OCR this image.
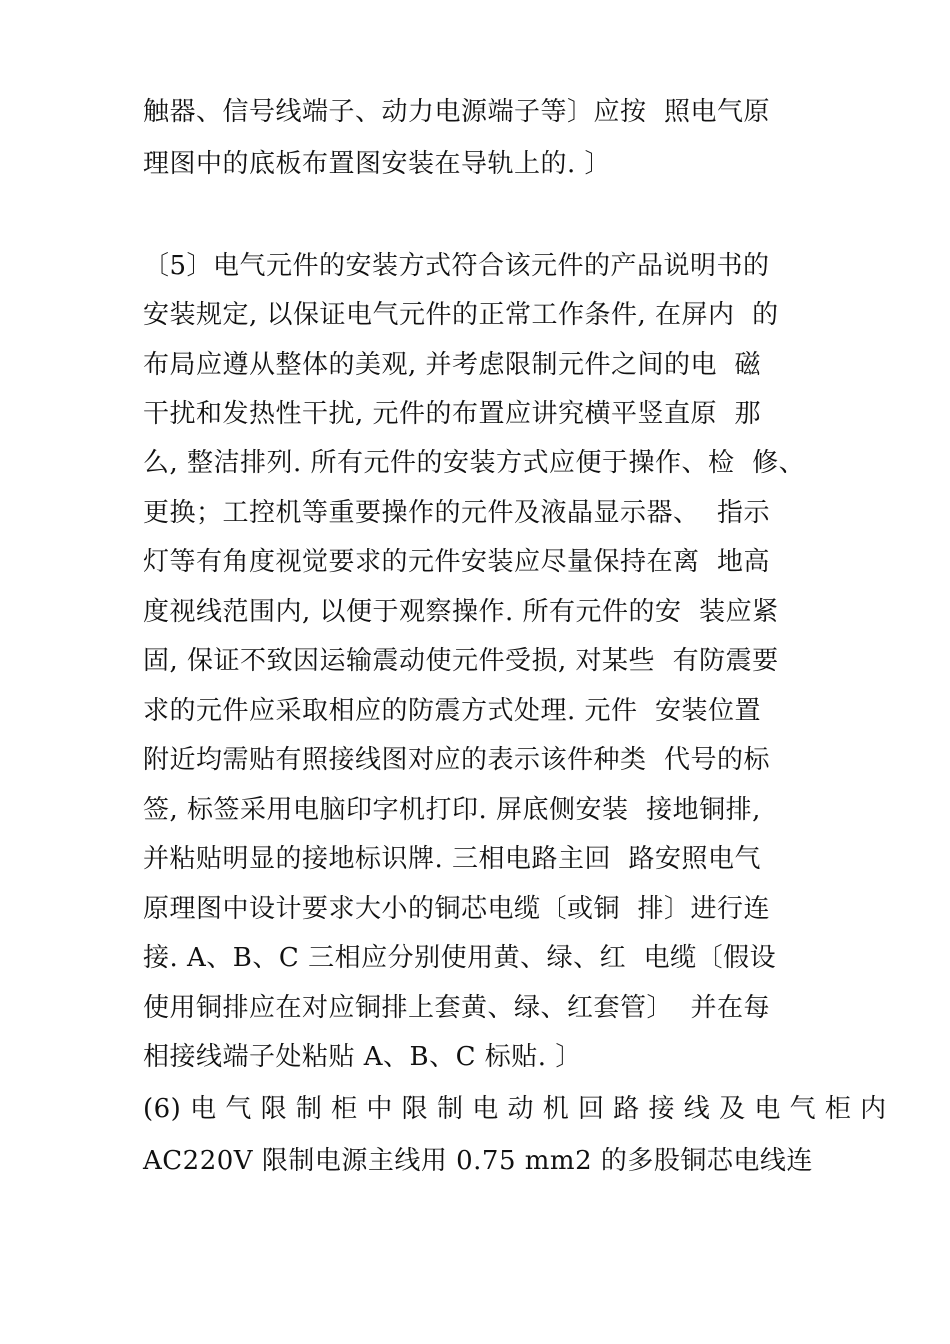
触器、信号线端子、动力电源端子等〕应按  照电气原
理图中的底板布置图安装在导轨上的. 〕
〔5〕电气元件的安装方式符合该元件的产品说明书的
安装规定, 以保证电气元件的正常工作条件, 在屏内  的
布局应遵从整体的美观, 并考虑限制元件之间的电  磁
干扰和发热性干扰, 元件的布置应讲究横平竖直原  那
么, 整洁排列. 所有元件的安装方式应便于操作、检  修、
更换；工控机等重要操作的元件及液晶显示器、  指示
灯等有角度视觉要求的元件安装应尽量保持在离  地高
度视线范围内, 以便于观察操作. 所有元件的安  装应紧
固, 保证不致因运输震动使元件受损, 对某些  有防震要
求的元件应采取相应的防震方式处理. 元件  安装位置
附近均需贴有照接线图对应的表示该件种类  代号的标
签, 标签采用电脑印字机打印. 屏底侧安装  接地铜排,
并粘贴明显的接地标识牌. 三相电路主回  路安照电气
原理图中设计要求大小的铜芯电缆〔或铜  排〕进行连
接. A、B、C 三相应分别使用黄、绿、红  电缆〔假设
使用铜排应在对应铜排上套黄、绿、红套管〕  并在每
相接线端子处粘贴 A、B、C 标贴. 〕
(6) 电 气 限 制 柜 中 限 制 电 动 机 回 路 接 线 及 电 气 柜 内
AC220V 限制电源主线用 0.75 mm2 的多股铜芯电线连
